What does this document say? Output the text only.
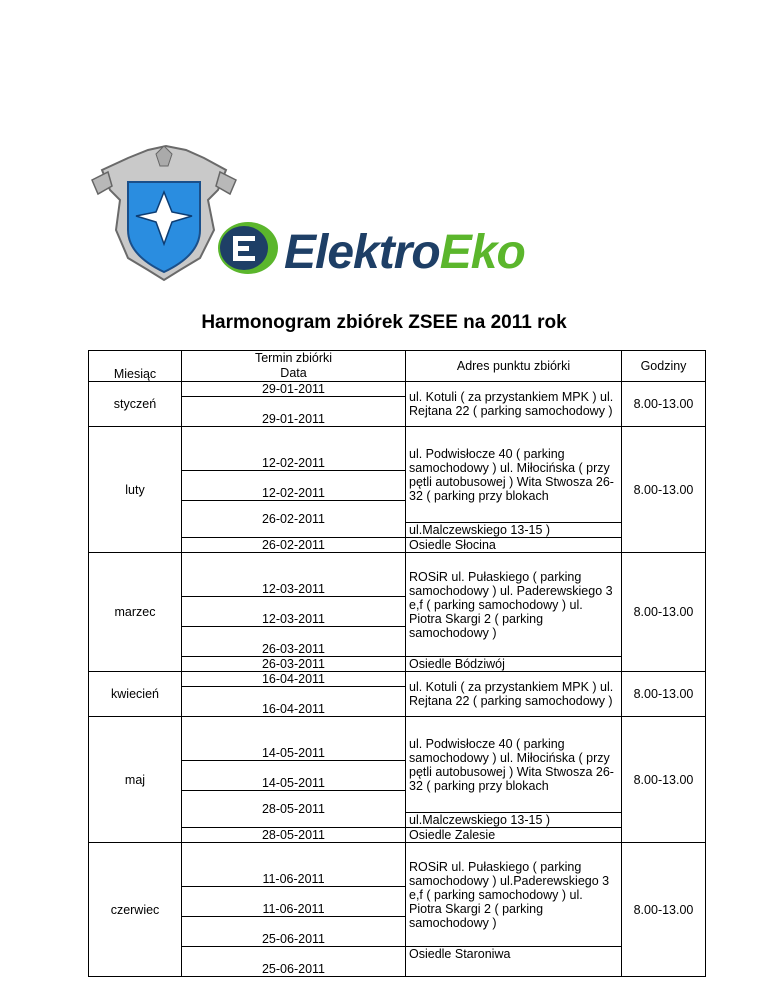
ElektroEko
Harmonogram zbiórek ZSEE na 2011 rok
Miesiąc	Termin zbiórki	Adres punktu zbiórki	Godziny
	Data		
styczeń	29-01-2011	ul. Kotuli ( za przystankiem MPK ) ul. Rejtana 22 ( parking samochodowy )	8.00-13.00
	29-01-2011		
luty	12-02-2011	ul. Podwisłocze 40 ( parking samochodowy ) ul. Miłocińska ( przy pętli autobusowej ) Wita Stwosza 26-32 ( parking przy blokach	8.00-13.00
	12-02-2011		
	26-02-2011		
		ul.Malczewskiego 13-15 )	
	26-02-2011	Osiedle Słocina	
marzec	12-03-2011	ROSiR ul. Pułaskiego ( parking samochodowy ) ul. Paderewskiego 3 e,f ( parking samochodowy ) ul. Piotra Skargi 2 ( parking samochodowy )	8.00-13.00
	12-03-2011		
	26-03-2011		
	26-03-2011	Osiedle Bódziwój	
kwiecień	16-04-2011	ul. Kotuli ( za przystankiem MPK ) ul. Rejtana 22 ( parking samochodowy )	8.00-13.00
	16-04-2011		
maj	14-05-2011	ul. Podwisłocze 40 ( parking samochodowy ) ul. Miłocińska ( przy pętli autobusowej ) Wita Stwosza 26-32 ( parking przy blokach	8.00-13.00
	14-05-2011		
	28-05-2011		
		ul.Malczewskiego 13-15 )	
	28-05-2011	Osiedle Zalesie	
czerwiec	11-06-2011	ROSiR ul. Pułaskiego ( parking samochodowy ) ul.Paderewskiego 3 e,f ( parking samochodowy ) ul. Piotra Skargi 2 ( parking samochodowy )	8.00-13.00
	11-06-2011		
	25-06-2011		
	25-06-2011	Osiedle Staroniwa	
